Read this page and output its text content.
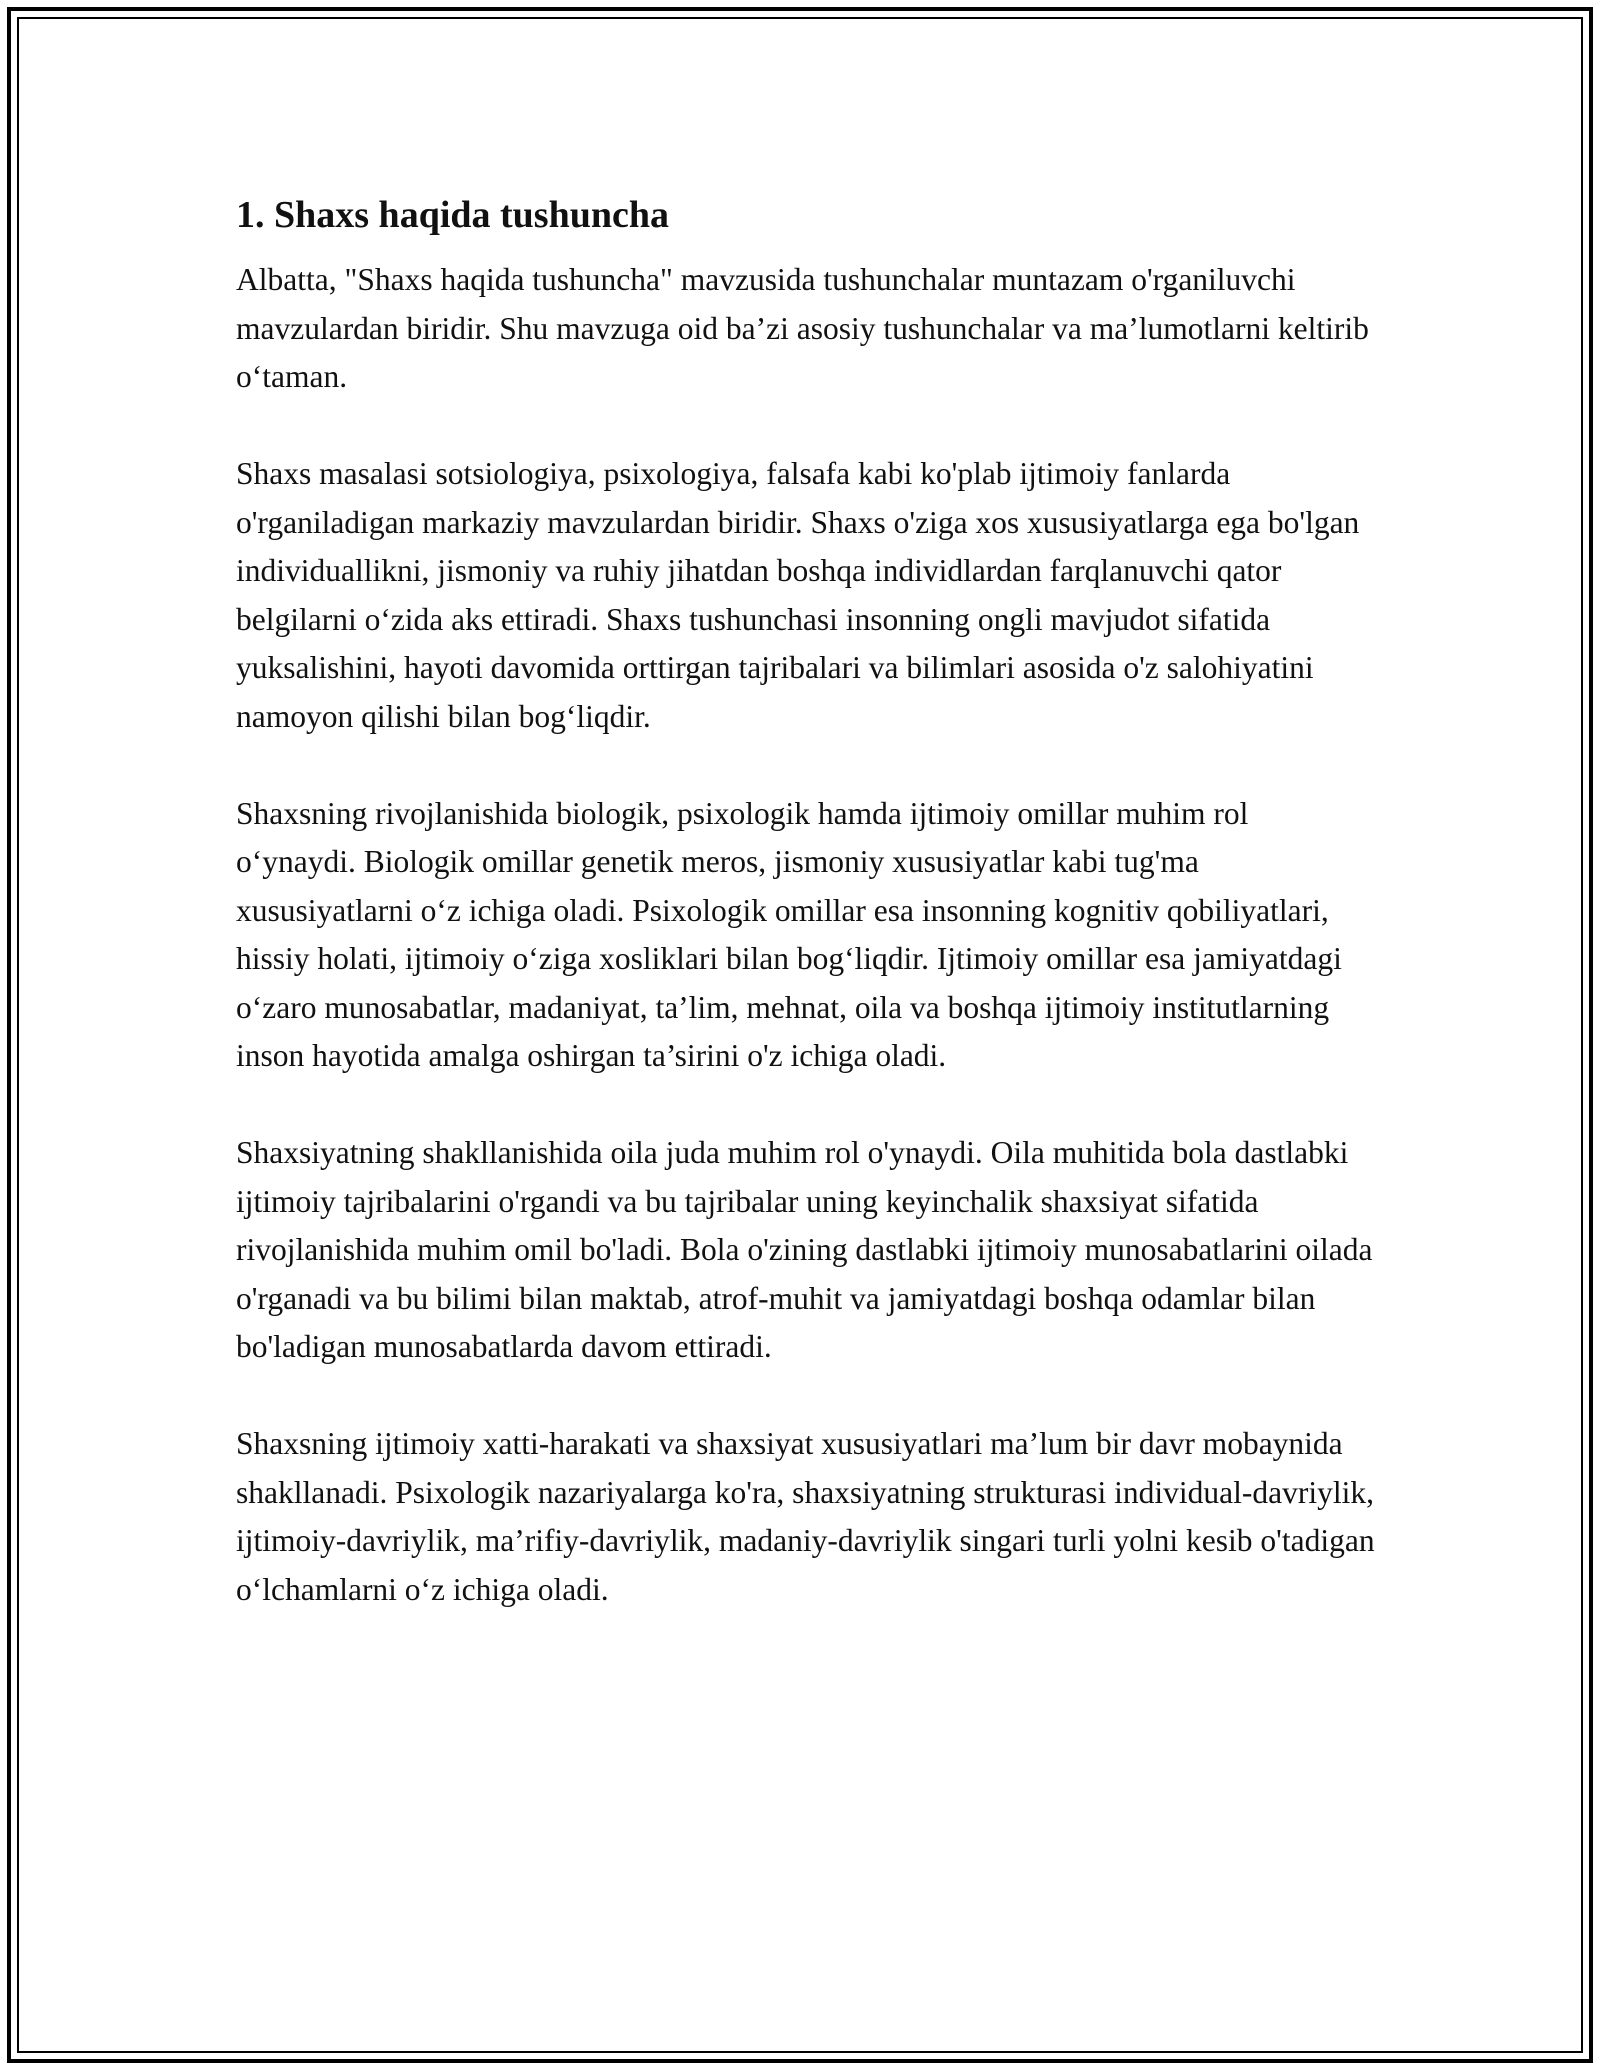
1. Shaxs haqida tushuncha

Albatta, "Shaxs haqida tushuncha" mavzusida tushunchalar muntazam o'rganiluvchi mavzulardan biridir. Shu mavzuga oid ba’zi asosiy tushunchalar va ma’lumotlarni keltirib o‘taman.

Shaxs masalasi sotsiologiya, psixologiya, falsafa kabi ko'plab ijtimoiy fanlarda o'rganiladigan markaziy mavzulardan biridir. Shaxs o'ziga xos xususiyatlarga ega bo'lgan individuallikni, jismoniy va ruhiy jihatdan boshqa individlardan farqlanuvchi qator belgilarni o‘zida aks ettiradi. Shaxs tushunchasi insonning ongli mavjudot sifatida yuksalishini, hayoti davomida orttirgan tajribalari va bilimlari asosida o'z salohiyatini namoyon qilishi bilan bog‘liqdir.

Shaxsning rivojlanishida biologik, psixologik hamda ijtimoiy omillar muhim rol o‘ynaydi. Biologik omillar genetik meros, jismoniy xususiyatlar kabi tug'ma xususiyatlarni o‘z ichiga oladi. Psixologik omillar esa insonning kognitiv qobiliyatlari, hissiy holati, ijtimoiy o‘ziga xosliklari bilan bog‘liqdir. Ijtimoiy omillar esa jamiyatdagi o‘zaro munosabatlar, madaniyat, ta’lim, mehnat, oila va boshqa ijtimoiy institutlarning inson hayotida amalga oshirgan ta’sirini o'z ichiga oladi.

Shaxsiyatning shakllanishida oila juda muhim rol o'ynaydi. Oila muhitida bola dastlabki ijtimoiy tajribalarini o'rgandi va bu tajribalar uning keyinchalik shaxsiyat sifatida rivojlanishida muhim omil bo'ladi. Bola o'zining dastlabki ijtimoiy munosabatlarini oilada o'rganadi va bu bilimi bilan maktab, atrof-muhit va jamiyatdagi boshqa odamlar bilan bo'ladigan munosabatlarda davom ettiradi.

Shaxsning ijtimoiy xatti-harakati va shaxsiyat xususiyatlari ma’lum bir davr mobaynida shakllanadi. Psixologik nazariyalarga ko'ra, shaxsiyatning strukturasi individual-davriylik, ijtimoiy-davriylik, ma’rifiy-davriylik, madaniy-davriylik singari turli yolni kesib o'tadigan o‘lchamlarni o‘z ichiga oladi.
